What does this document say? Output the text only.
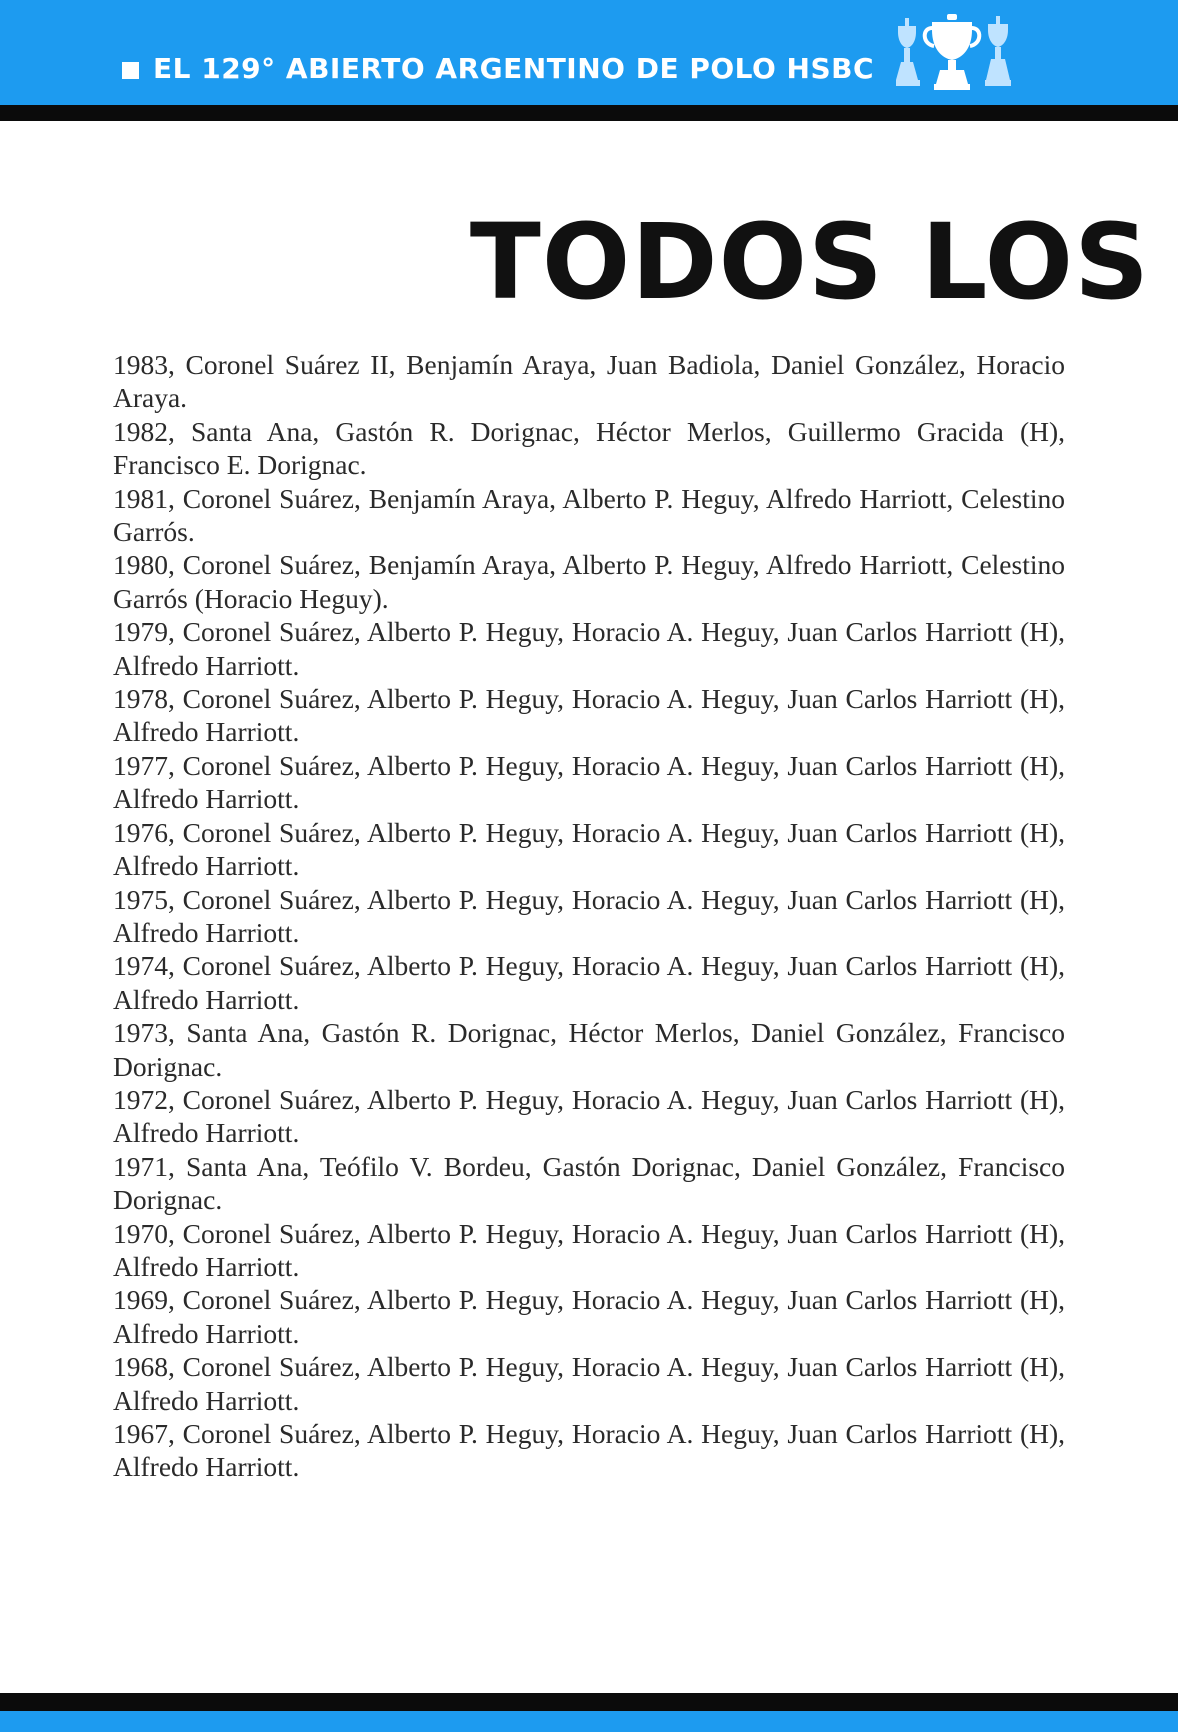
EL 129° ABIERTO ARGENTINO DE POLO HSBC
TODOS LOS
1983, Coronel Suárez II, Benjamín Araya, Juan Badiola, Daniel González, Horacio Araya.
1982, Santa Ana, Gastón R. Dorignac, Héctor Merlos, Guillermo Gracida (H), Francisco E. Dorignac.
1981, Coronel Suárez, Benjamín Araya, Alberto P. Heguy, Alfredo Harriott, Celestino Garrós.
1980, Coronel Suárez, Benjamín Araya, Alberto P. Heguy, Alfredo Harriott, Celestino Garrós (Horacio Heguy).
1979, Coronel Suárez, Alberto P. Heguy, Horacio A. Heguy, Juan Carlos Harriott (H), Alfredo Harriott.
1978, Coronel Suárez, Alberto P. Heguy, Horacio A. Heguy, Juan Carlos Harriott (H), Alfredo Harriott.
1977, Coronel Suárez, Alberto P. Heguy, Horacio A. Heguy, Juan Carlos Harriott (H), Alfredo Harriott.
1976, Coronel Suárez, Alberto P. Heguy, Horacio A. Heguy, Juan Carlos Harriott (H), Alfredo Harriott.
1975, Coronel Suárez, Alberto P. Heguy, Horacio A. Heguy, Juan Carlos Harriott (H), Alfredo Harriott.
1974, Coronel Suárez, Alberto P. Heguy, Horacio A. Heguy, Juan Carlos Harriott (H), Alfredo Harriott.
1973, Santa Ana, Gastón R. Dorignac, Héctor Merlos, Daniel González, Francisco Dorignac.
1972, Coronel Suárez, Alberto P. Heguy, Horacio A. Heguy, Juan Carlos Harriott (H), Alfredo Harriott.
1971, Santa Ana, Teófilo V. Bordeu, Gastón Dorignac, Daniel González, Francisco Dorignac.
1970, Coronel Suárez, Alberto P. Heguy, Horacio A. Heguy, Juan Carlos Harriott (H), Alfredo Harriott.
1969, Coronel Suárez, Alberto P. Heguy, Horacio A. Heguy, Juan Carlos Harriott (H), Alfredo Harriott.
1968, Coronel Suárez, Alberto P. Heguy, Horacio A. Heguy, Juan Carlos Harriott (H), Alfredo Harriott.
1967, Coronel Suárez, Alberto P. Heguy, Horacio A. Heguy, Juan Carlos Harriott (H), Alfredo Harriott.
